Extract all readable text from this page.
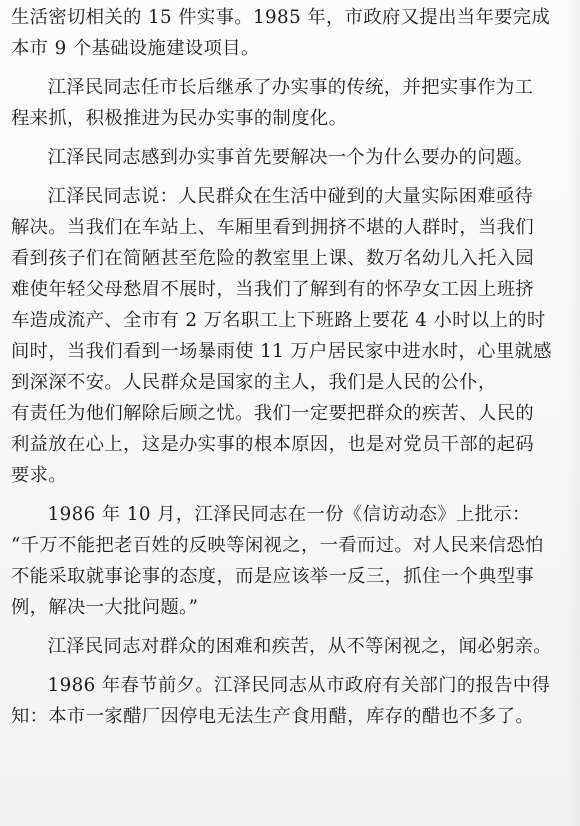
生活密切相关的 15 件实事。1985 年，市政府又提出当年要完成
本市 9 个基础设施建设项目。
江泽民同志任市长后继承了办实事的传统，并把实事作为工
程来抓，积极推进为民办实事的制度化。
江泽民同志感到办实事首先要解决一个为什么要办的问题。
江泽民同志说：人民群众在生活中碰到的大量实际困难亟待
解决。当我们在车站上、车厢里看到拥挤不堪的人群时，当我们
看到孩子们在简陋甚至危险的教室里上课、数万名幼儿入托入园
难使年轻父母愁眉不展时，当我们了解到有的怀孕女工因上班挤
车造成流产、全市有 2 万名职工上下班路上要花 4 小时以上的时
间时，当我们看到一场暴雨使 11 万户居民家中进水时，心里就感
到深深不安。人民群众是国家的主人，我们是人民的公仆，
有责任为他们解除后顾之忧。我们一定要把群众的疾苦、人民的
利益放在心上，这是办实事的根本原因，也是对党员干部的起码
要求。
1986 年 10 月，江泽民同志在一份《信访动态》上批示：
“千万不能把老百姓的反映等闲视之，一看而过。对人民来信恐怕
不能采取就事论事的态度，而是应该举一反三，抓住一个典型事
例，解决一大批问题。”
江泽民同志对群众的困难和疾苦，从不等闲视之，闻必躬亲。
1986 年春节前夕。江泽民同志从市政府有关部门的报告中得
知：本市一家醋厂因停电无法生产食用醋，库存的醋也不多了。
